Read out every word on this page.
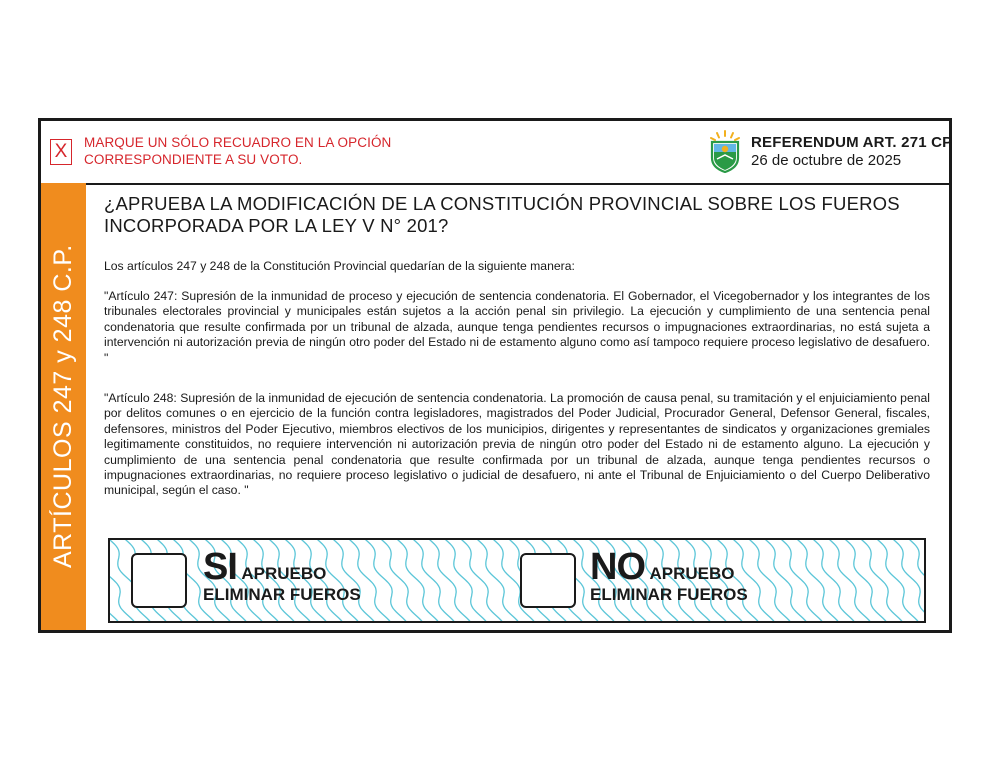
X	MARQUE UN SÓLO RECUADRO EN LA OPCIÓN CORRESPONDIENTE A SU VOTO.
REFERENDUM ART. 271 CP
26 de octubre de 2025
ARTÍCULOS 247 y 248 C.P.
¿APRUEBA LA MODIFICACIÓN DE LA CONSTITUCIÓN PROVINCIAL SOBRE LOS FUEROS INCORPORADA POR LA LEY V N° 201?
Los artículos 247 y 248 de la Constitución Provincial quedarían de la siguiente manera:
"Artículo 247: Supresión de la inmunidad de proceso y ejecución de sentencia condenatoria. El Gobernador, el Vicegobernador y los integrantes de los tribunales electorales provincial y municipales están sujetos a la acción penal sin privilegio. La ejecución y cumplimiento de una sentencia penal condenatoria que resulte confirmada por un tribunal de alzada, aunque tenga pendientes recursos o impugnaciones extraordinarias, no está sujeta a intervención ni autorización previa de ningún otro poder del Estado ni de estamento alguno como así tampoco requiere proceso legislativo de desafuero. "
"Artículo 248: Supresión de la inmunidad de ejecución de sentencia condenatoria. La promoción de causa penal, su tramitación y el enjuiciamiento penal por delitos comunes o en ejercicio de la función contra legisladores, magistrados del Poder Judicial, Procurador General, Defensor General, fiscales, defensores, ministros del Poder Ejecutivo, miembros electivos de los municipios, dirigentes y representantes de sindicatos y organizaciones gremiales legitimamente constituidos, no requiere intervención ni autorización previa de ningún otro poder del Estado ni de estamento alguno. La ejecución y cumplimiento de una sentencia penal condenatoria que resulte confirmada por un tribunal de alzada, aunque tenga pendientes recursos o impugnaciones extraordinarias, no requiere proceso legislativo o judicial de desafuero, ni ante el Tribunal de Enjuiciamiento o del Cuerpo Deliberativo municipal, según el caso. "
SI APRUEBO
ELIMINAR FUEROS
NO APRUEBO
ELIMINAR FUEROS
